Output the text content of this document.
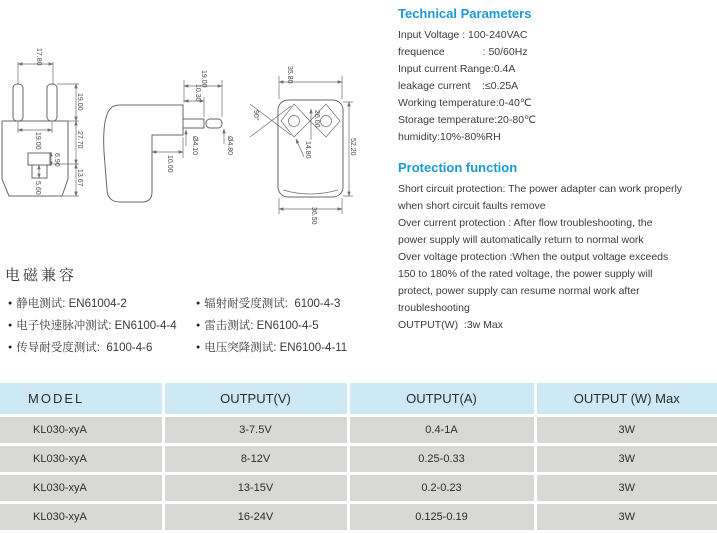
17.80
19.00
19.00
27.70
13.67
6.90
5.60
19.00
10.30
Ø4.10	Ø4.80
10.00
90°
35.80
52.20
36.50
26.00
14.80
Technical Parameters
Input Voltage : 100-240VAC
frequence             : 50/60Hz
Input current Range:0.4A
leakage current    :≤0.25A
Working temperature:0-40℃
Storage temperature:20-80℃
humidity:10%-80%RH
Protection function
Short circuit protection: The power adapter can work properly
when short circuit faults remove
Over current protection : After flow troubleshooting, the
power supply will automatically return to normal work
Over voltage protection :When the output voltage exceeds
150 to 180% of the rated voltage, the power supply will
protect, power supply can resume normal work after
troubleshooting
OUTPUT(W)  :3w Max
电磁兼容
● 静电测试: EN61004-2
● 电子快速脉冲测试: EN6100-4-4
● 传导耐受度测试:  6100-4-6
● 辐射耐受度测试:  6100-4-3
● 雷击测试: EN6100-4-5
● 电压突降测试: EN6100-4-11
MODEL	OUTPUT(V)	OUTPUT(A)	OUTPUT (W) Max
KL030-xyA	3-7.5V	0.4-1A	3W
KL030-xyA	8-12V	0.25-0.33	3W
KL030-xyA	13-15V	0.2-0.23	3W
KL030-xyA	16-24V	0.125-0.19	3W
